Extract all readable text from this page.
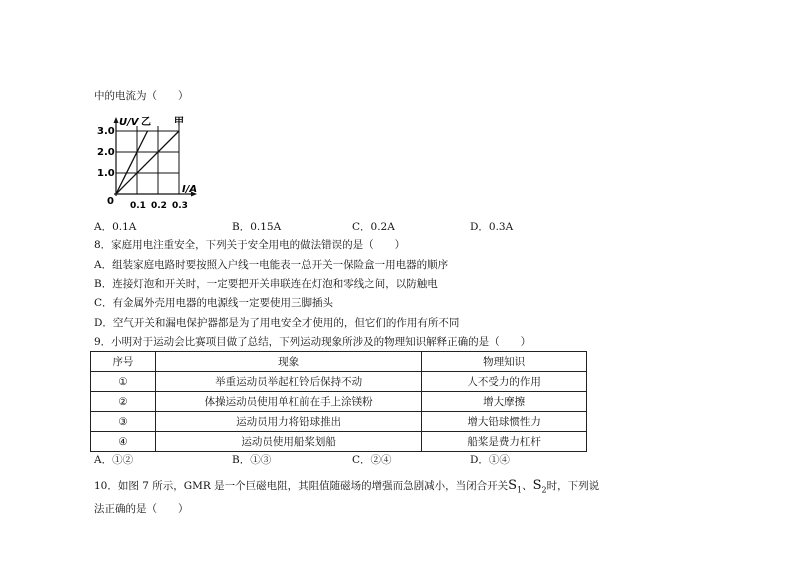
中的电流为（　　）
U/V 乙 甲
3.0
2.0
1.0
0
I/A
0.1 0.2 0.3
A．0.1A	B．0.15A	C．0.2A	D．0.3A
8．家庭用电注重安全，下列关于安全用电的做法错误的是（　　）
A．组装家庭电路时要按照入户线一电能表一总开关一保险盒一用电器的顺序
B．连接灯泡和开关时，一定要把开关串联连在灯泡和零线之间，以防触电
C．有金属外壳用电器的电源线一定要使用三脚插头
D．空气开关和漏电保护器都是为了用电安全才使用的，但它们的作用有所不同
9．小明对于运动会比赛项目做了总结，下列运动现象所涉及的物理知识解释正确的是（　　）
序号	现象	物理知识
①	举重运动员举起杠铃后保持不动	人不受力的作用
②	体操运动员使用单杠前在手上涂镁粉	增大摩擦
③	运动员用力将铅球推出	增大铅球惯性力
④	运动员使用船桨划船	船桨是费力杠杆
A．①②	B．①③	C．②④	D．①④
10．如图 7 所示，GMR 是一个巨磁电阻，其阻值随磁场的增强而急剧减小，当闭合开关$S_1$、$S_2$时，下列说
法正确的是（　　）
